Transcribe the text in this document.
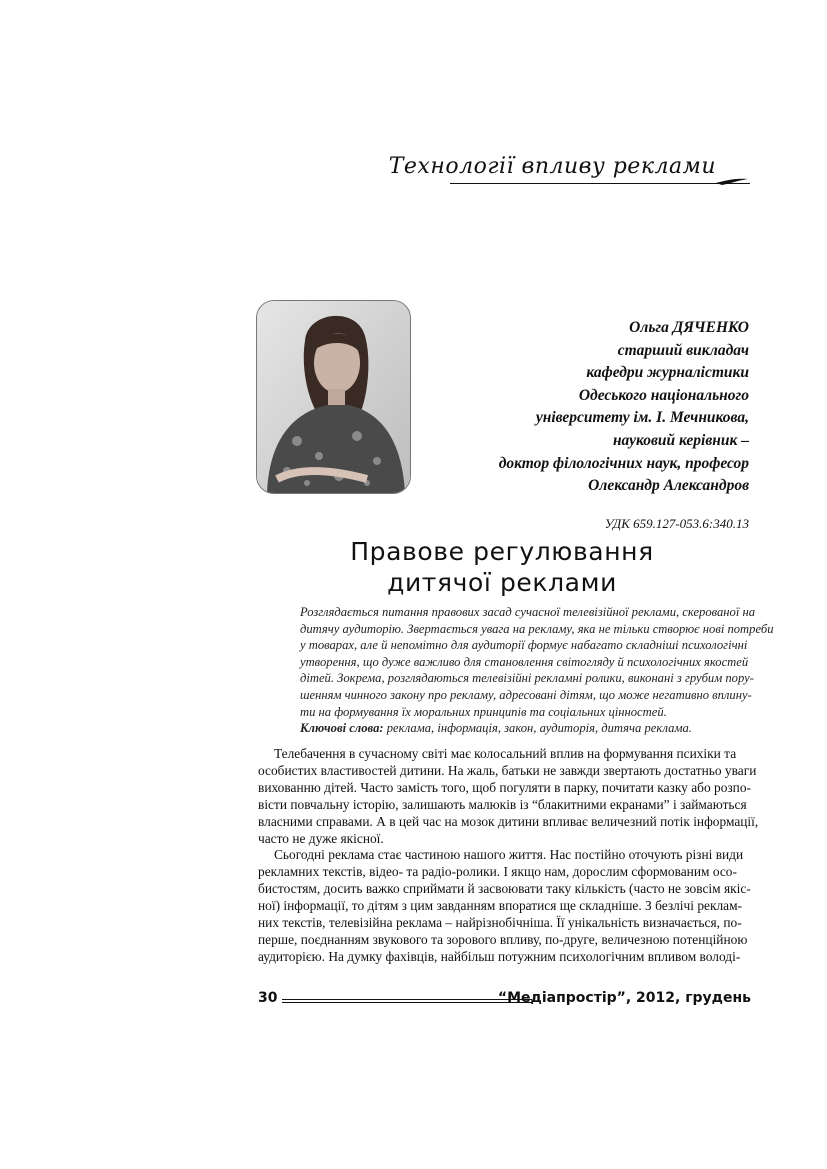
Технології впливу реклами
Ольга ДЯЧЕНКО
старший викладач
кафедри журналістики
Одеського національного
університету ім. І. Мечникова,
науковий керівник –
доктор філологічних наук, професор
Олександр Александров
УДК 659.127-053.6:340.13
Правове регулювання
дитячої реклами
Розглядається питання правових засад сучасної телевізійної реклами, скерованої на
дитячу аудиторію. Звертається увага на рекламу, яка не тільки створює нові потреби
у товарах, але й непомітно для аудиторії формує набагато складніші психологічні
утворення, що дуже важливо для становлення світогляду й психологічних якостей
дітей. Зокрема, розглядаються телевізійні рекламні ролики, виконані з грубим пору-
шенням чинного закону про рекламу, адресовані дітям, що може негативно вплину-
ти на формування їх моральних принципів та соціальних цінностей.
Ключові слова: реклама, інформація, закон, аудиторія, дитяча реклама.
Телебачення в сучасному світі має колосальний вплив на формування психіки та
особистих властивостей дитини. На жаль, батьки не завжди звертають достатньо уваги
вихованню дітей. Часто замість того, щоб погуляти в парку, почитати казку або розпо-
вісти повчальну історію, залишають малюків із “блакитними екранами” і займаються
власними справами. А в цей час на мозок дитини впливає величезний потік інформації,
часто не дуже якісної.
Сьогодні реклама стає частиною нашого життя. Нас постійно оточують різні види
рекламних текстів, відео- та радіо-ролики. І якщо нам, дорослим сформованим осо-
бистостям, досить важко сприймати й засвоювати таку кількість (часто не зовсім якіс-
ної) інформації, то дітям з цим завданням впоратися ще складніше. З безлічі реклам-
них текстів, телевізійна реклама – найрізнобічніша. Її унікальність визначається, по-
перше, поєднанням звукового та зорового впливу, по-друге, величезною потенційною
аудиторією. На думку фахівців, найбільш потужним психологічним впливом володі-
30	“Медіапростір”, 2012, грудень
